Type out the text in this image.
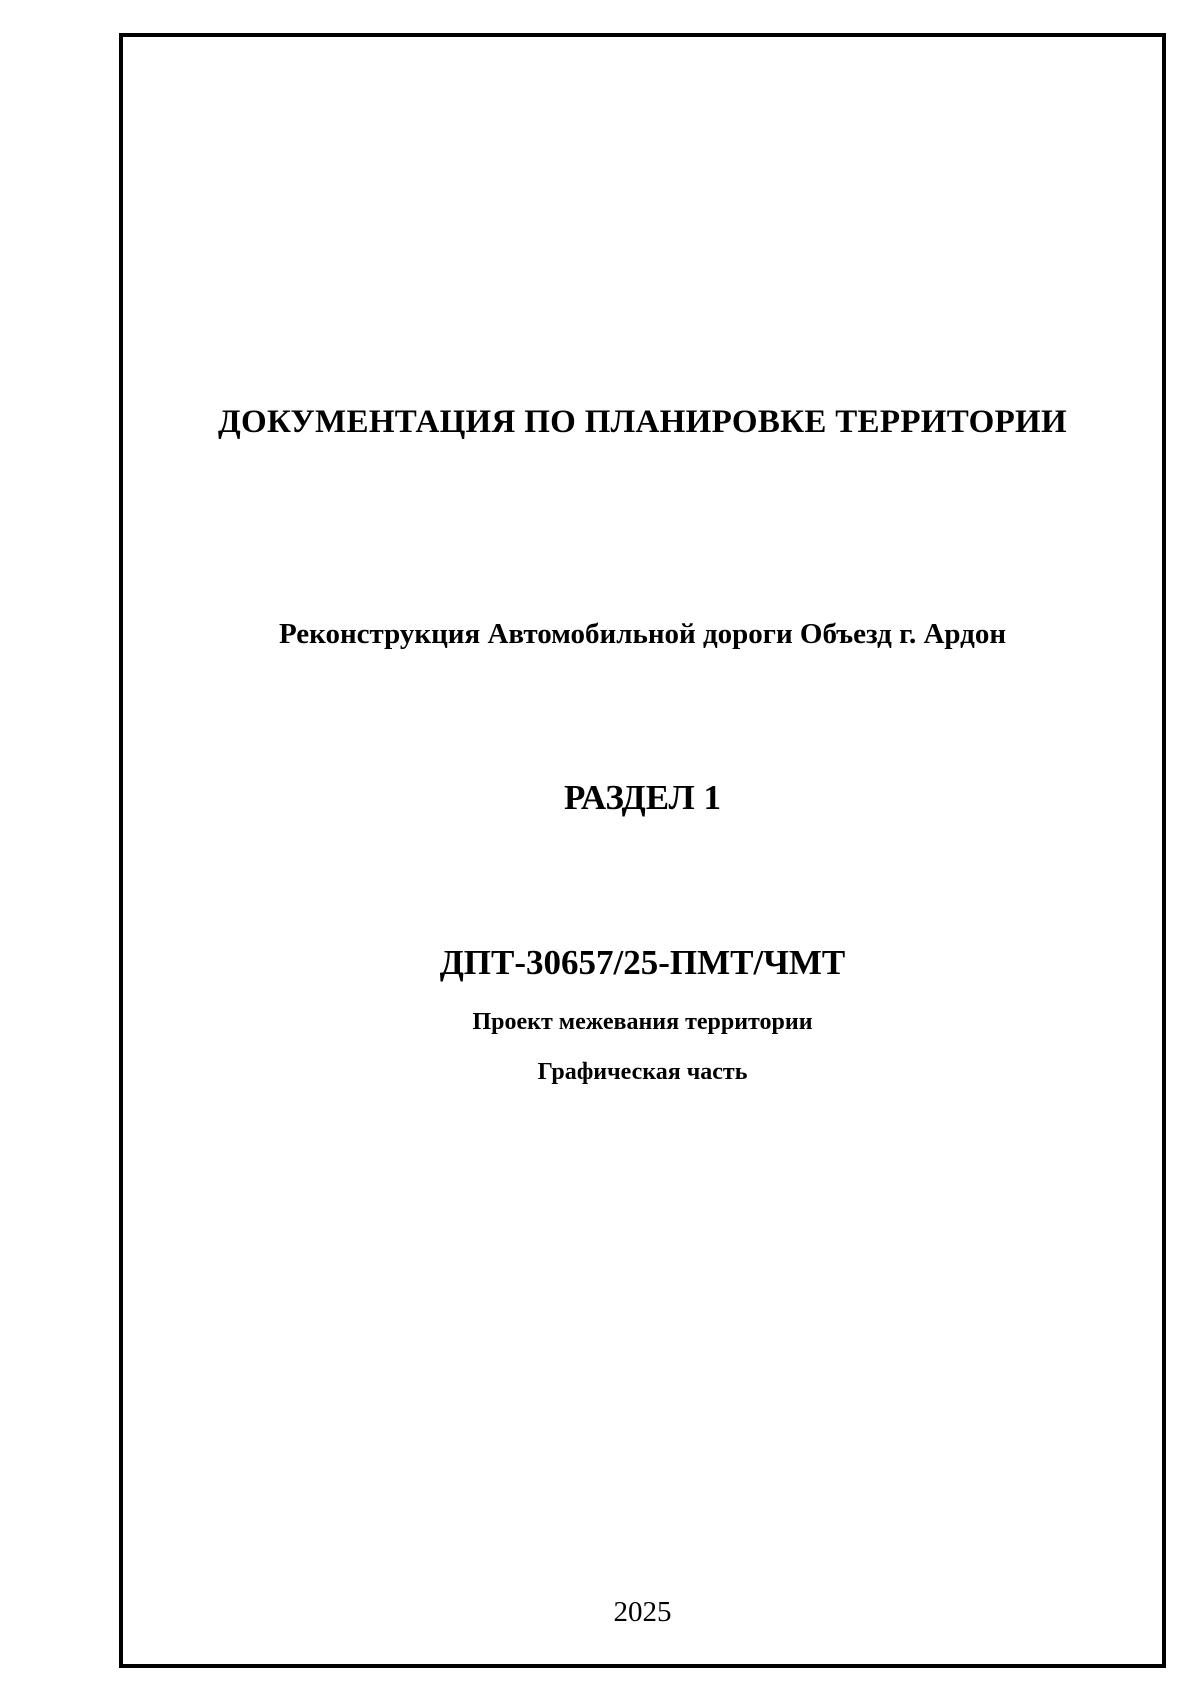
ДОКУМЕНТАЦИЯ ПО ПЛАНИРОВКЕ ТЕРРИТОРИИ
Реконструкция Автомобильной дороги Объезд г. Ардон
РАЗДЕЛ 1
ДПТ-30657/25-ПМТ/ЧМТ
Проект межевания территории
Графическая часть
2025
